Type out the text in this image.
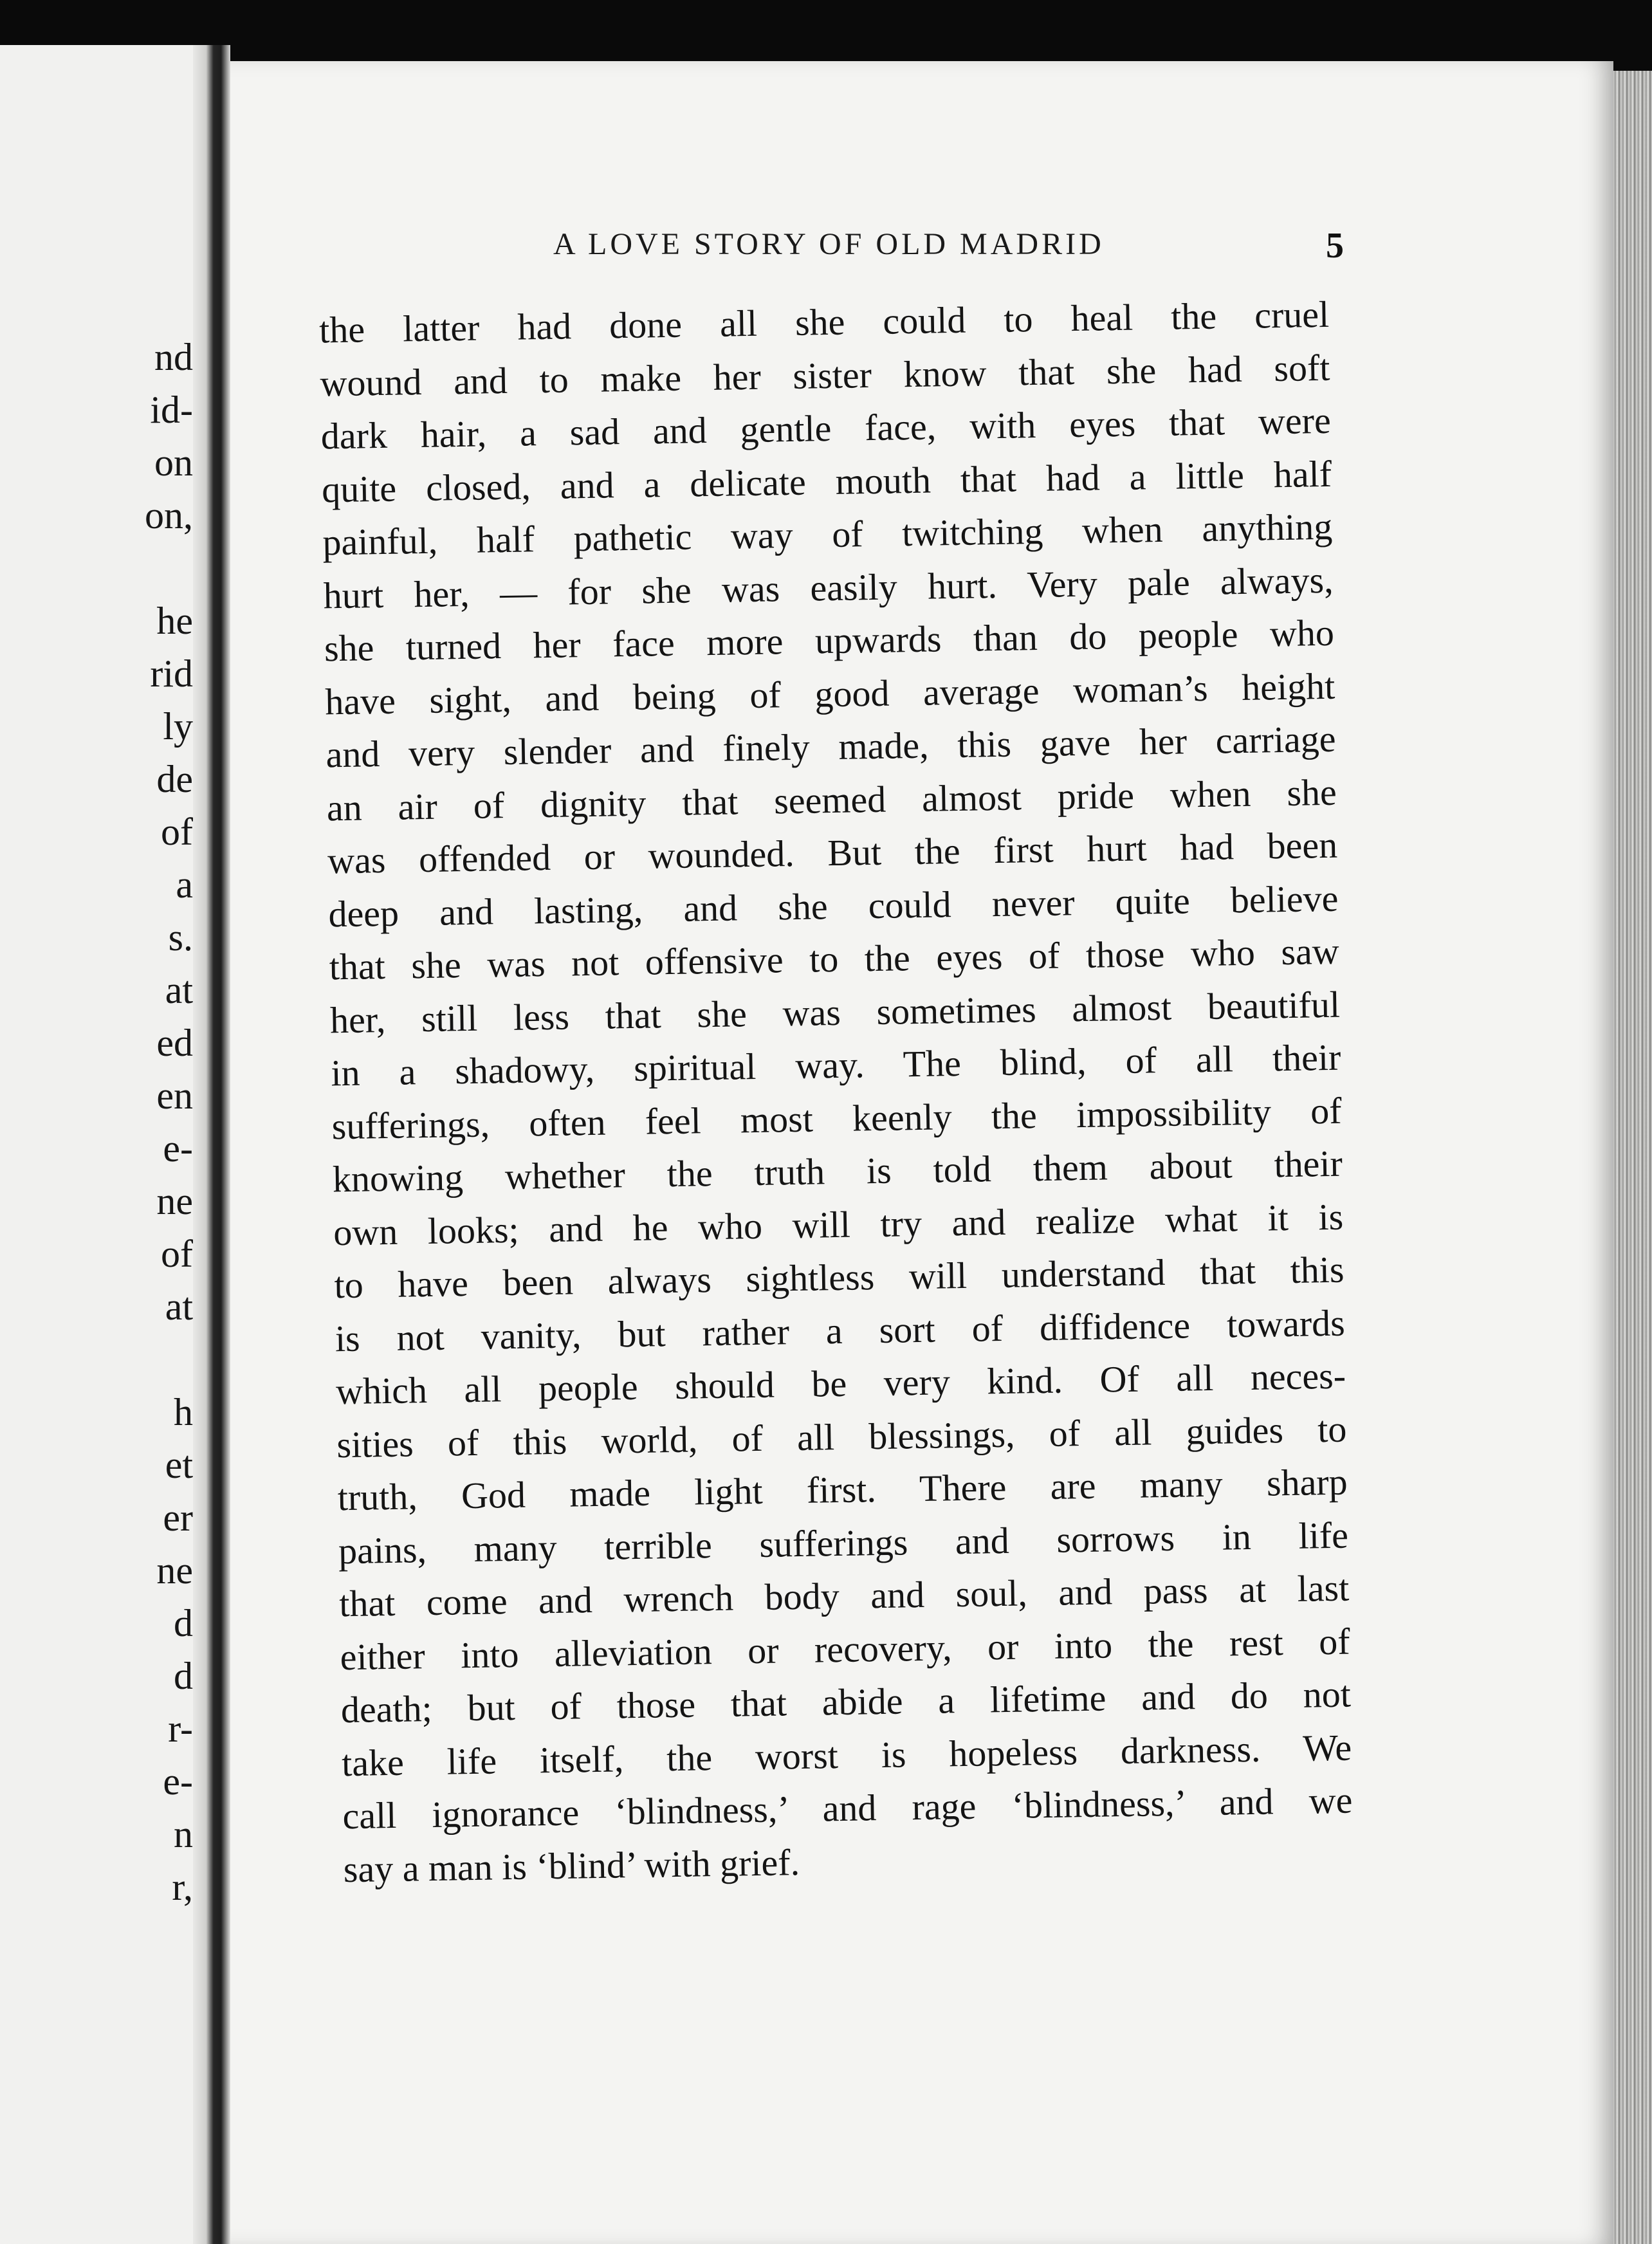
nd
id-
on
on,
he
rid
ly
de
of
a
s.
at
ed
en
e-
ne
of
at
h
et
er
ne
d
d
r-
e-
n
r,
A LOVE STORY OF OLD MADRID	5
the latter had done all she could to heal the cruel
wound and to make her sister know that she had soft
dark hair, a sad and gentle face, with eyes that were
quite closed, and a delicate mouth that had a little half
painful, half pathetic way of twitching when anything
hurt her, — for she was easily hurt. Very pale always,
she turned her face more upwards than do people who
have sight, and being of good average woman’s height
and very slender and finely made, this gave her carriage
an air of dignity that seemed almost pride when she
was offended or wounded. But the first hurt had been
deep and lasting, and she could never quite believe
that she was not offensive to the eyes of those who saw
her, still less that she was sometimes almost beautiful
in a shadowy, spiritual way. The blind, of all their
sufferings, often feel most keenly the impossibility of
knowing whether the truth is told them about their
own looks; and he who will try and realize what it is
to have been always sightless will understand that this
is not vanity, but rather a sort of diffidence towards
which all people should be very kind. Of all neces-
sities of this world, of all blessings, of all guides to
truth, God made light first. There are many sharp
pains, many terrible sufferings and sorrows in life
that come and wrench body and soul, and pass at last
either into alleviation or recovery, or into the rest of
death; but of those that abide a lifetime and do not
take life itself, the worst is hopeless darkness. We
call ignorance ‘blindness,’ and rage ‘blindness,’ and we
say a man is ‘blind’ with grief.
